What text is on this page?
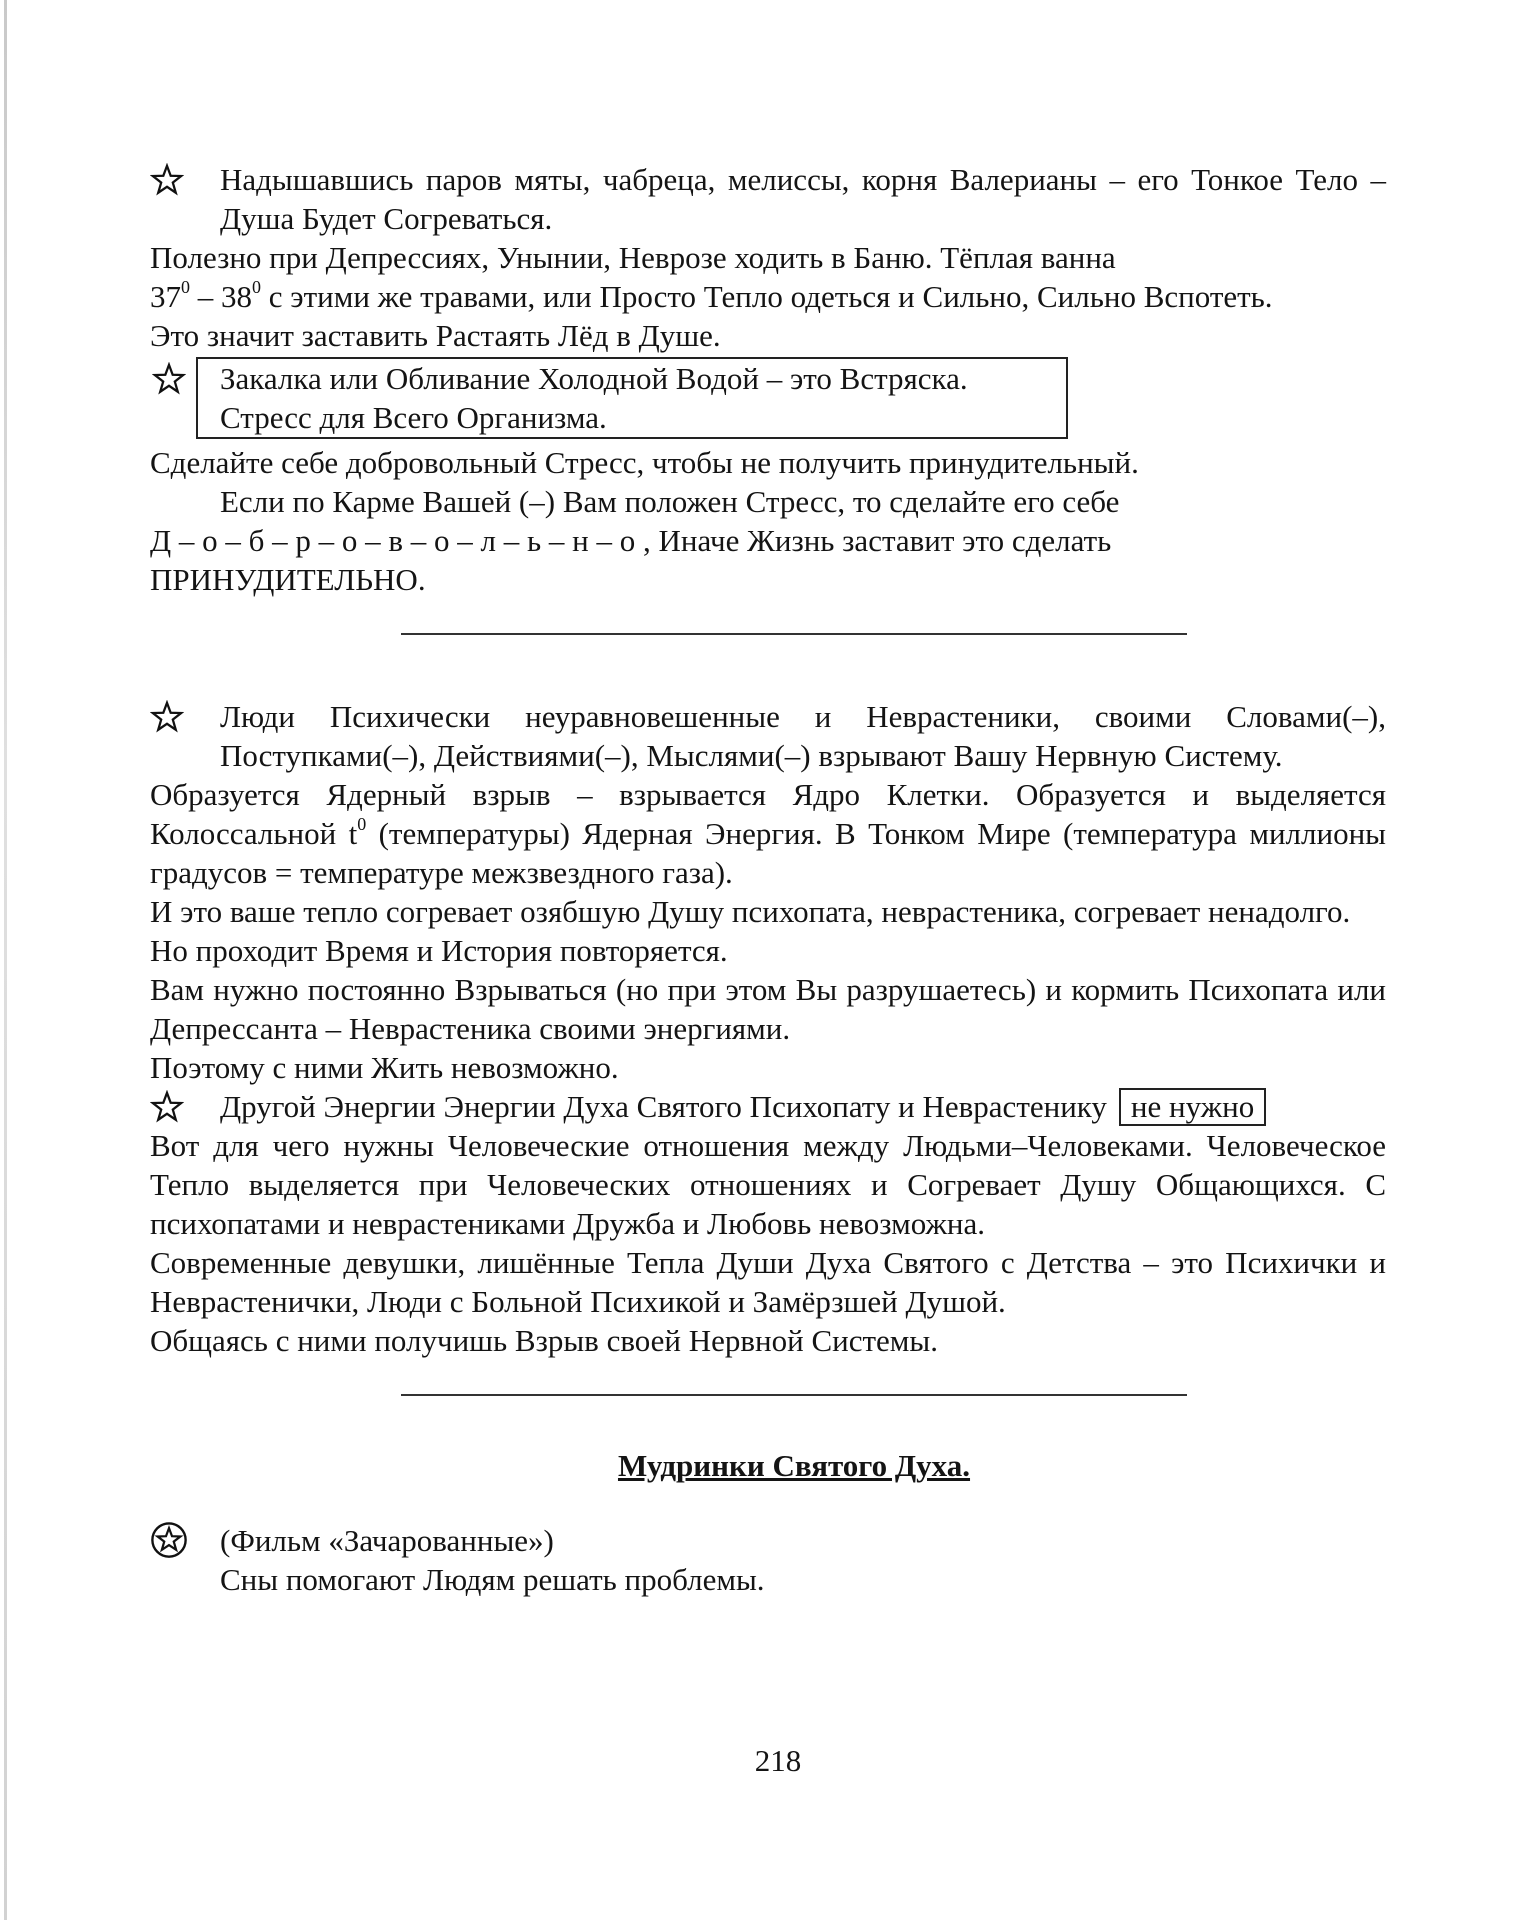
Надышавшись паров мяты, чабреца, мелиссы, корня Валерианы – его Тонкое Тело – Душа Будет Согреваться.

Полезно при Депрессиях, Унынии, Неврозе ходить в Баню. Тёплая ванна

$37^0 - 38^0$ с этими же травами, или Просто Тепло одеться и Сильно, Сильно Вспотеть.

Это значит заставить Растаять Лёд в Душе.

Закалка или Обливание Холодной Водой – это Встряска.
Стресс для Всего Организма.

Сделайте себе добровольный Стресс, чтобы не получить принудительный.

Если по Карме Вашей (–) Вам положен Стресс, то сделайте его себе

Д – о – б – р – о – в – о – л – ь – н – о , Иначе Жизнь заставит это сделать

ПРИНУДИТЕЛЬНО.

Люди Психически неуравновешенные и Неврастеники, своими Словами(–), Поступками(–), Действиями(–), Мыслями(–) взрывают Вашу Нервную Систему.

Образуется Ядерный взрыв – взрывается Ядро Клетки. Образуется и выделяется Колоссальной $t^0$ (температуры) Ядерная Энергия. В Тонком Мире (температура миллионы градусов = температуре межзвездного газа).

И это ваше тепло согревает озябшую Душу психопата, неврастеника, согревает ненадолго.

Но проходит Время и История повторяется.

Вам нужно постоянно Взрываться (но при этом Вы разрушаетесь) и кормить Психопата или Депрессанта – Неврастеника своими энергиями.

Поэтому с ними Жить невозможно.

Другой Энергии Энергии Духа Святого Психопату и Неврастенику не нужно

Вот для чего нужны Человеческие отношения между Людьми–Человеками. Человеческое Тепло выделяется при Человеческих отношениях и Согревает Душу Общающихся. С психопатами и неврастениками Дружба и Любовь невозможна.

Современные девушки, лишённые Тепла Души Духа Святого с Детства – это Психички и Неврастенички, Люди с Больной Психикой и Замёрзшей Душой.

Общаясь с ними получишь Взрыв своей Нервной Системы.

Мудринки Святого Духа.

(Фильм «Зачарованные»)

Сны помогают Людям решать проблемы.

218
